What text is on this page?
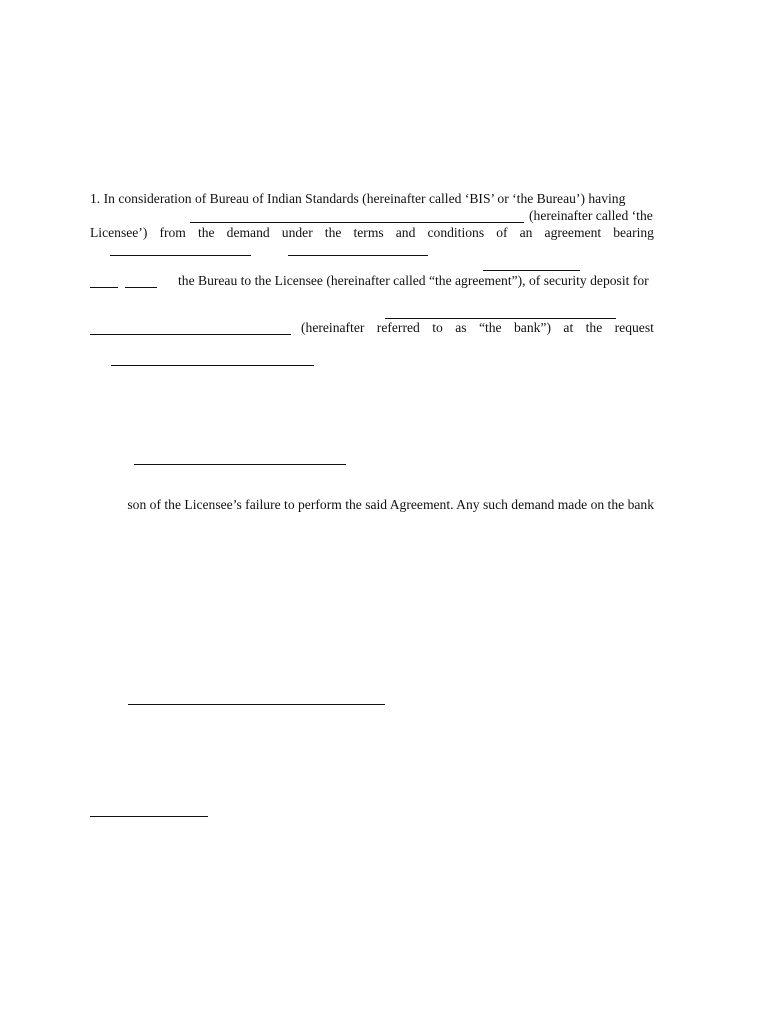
1. In consideration of Bureau of Indian Standards (hereinafter called ‘BIS’ or ‘the Bureau’) having
(hereinafter called ‘the
Licensee’) from the demand under the terms and conditions of an agreement bearing
the Bureau to the Licensee (hereinafter called “the agreement”), of security deposit for
(hereinafter referred to as “the bank”) at the request
son of the Licensee’s failure to perform the said Agreement. Any such demand made on the bank
